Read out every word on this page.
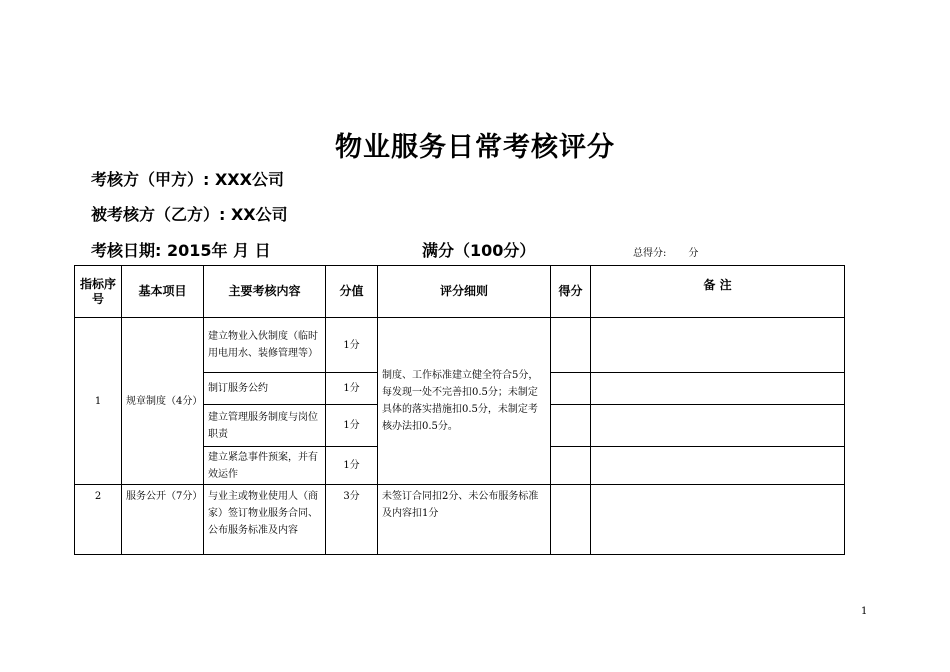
物业服务日常考核评分
考核方（甲方）: XXX公司
被考核方（乙方）: XX公司
考核日期: 2015年 月 日	满分（100分）	总得分: 分
指标序号	基本项目	主要考核内容	分值	评分细则	得分	备 注
1	规章制度（4分）	建立物业入伙制度（临时用电用水、装修管理等）	1分	制度、工作标准建立健全符合5分，每发现一处不完善扣0.5分；未制定具体的落实措施扣0.5分，未制定考核办法扣0.5分。		
		制订服务公约	1分			
		建立管理服务制度与岗位职责	1分			
		建立紧急事件预案，并有效运作	1分			
2	服务公开（7分）	与业主或物业使用人（商家）签订物业服务合同、公布服务标准及内容	3分	未签订合同扣2分、未公布服务标准及内容扣1分		
1
